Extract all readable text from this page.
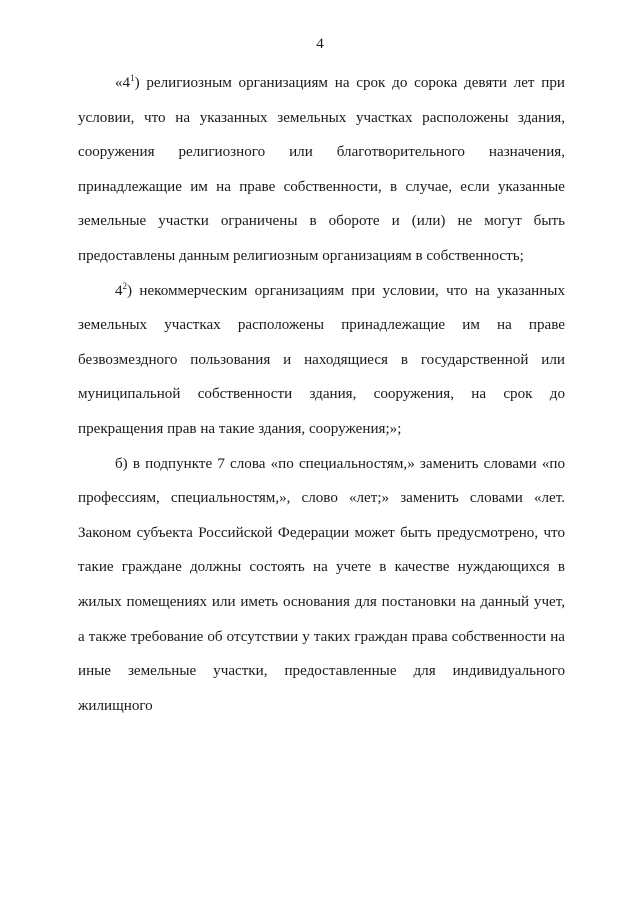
4

«$4^1$) религиозным организациям на срок до сорока девяти лет при условии, что на указанных земельных участках расположены здания, сооружения религиозного или благотворительного назначения, принадлежащие им на праве собственности, в случае, если указанные земельные участки ограничены в обороте и (или) не могут быть предоставлены данным религиозным организациям в собственность;

$4^2$) некоммерческим организациям при условии, что на указанных земельных участках расположены принадлежащие им на праве безвозмездного пользования и находящиеся в государственной или муниципальной собственности здания, сооружения, на срок до прекращения прав на такие здания, сооружения;»;

б) в подпункте 7 слова «по специальностям,» заменить словами «по профессиям, специальностям,», слово «лет;» заменить словами «лет. Законом субъекта Российской Федерации может быть предусмотрено, что такие граждане должны состоять на учете в качестве нуждающихся в жилых помещениях или иметь основания для постановки на данный учет, а также требование об отсутствии у таких граждан права собственности на иные земельные участки, предоставленные для индивидуального жилищного
